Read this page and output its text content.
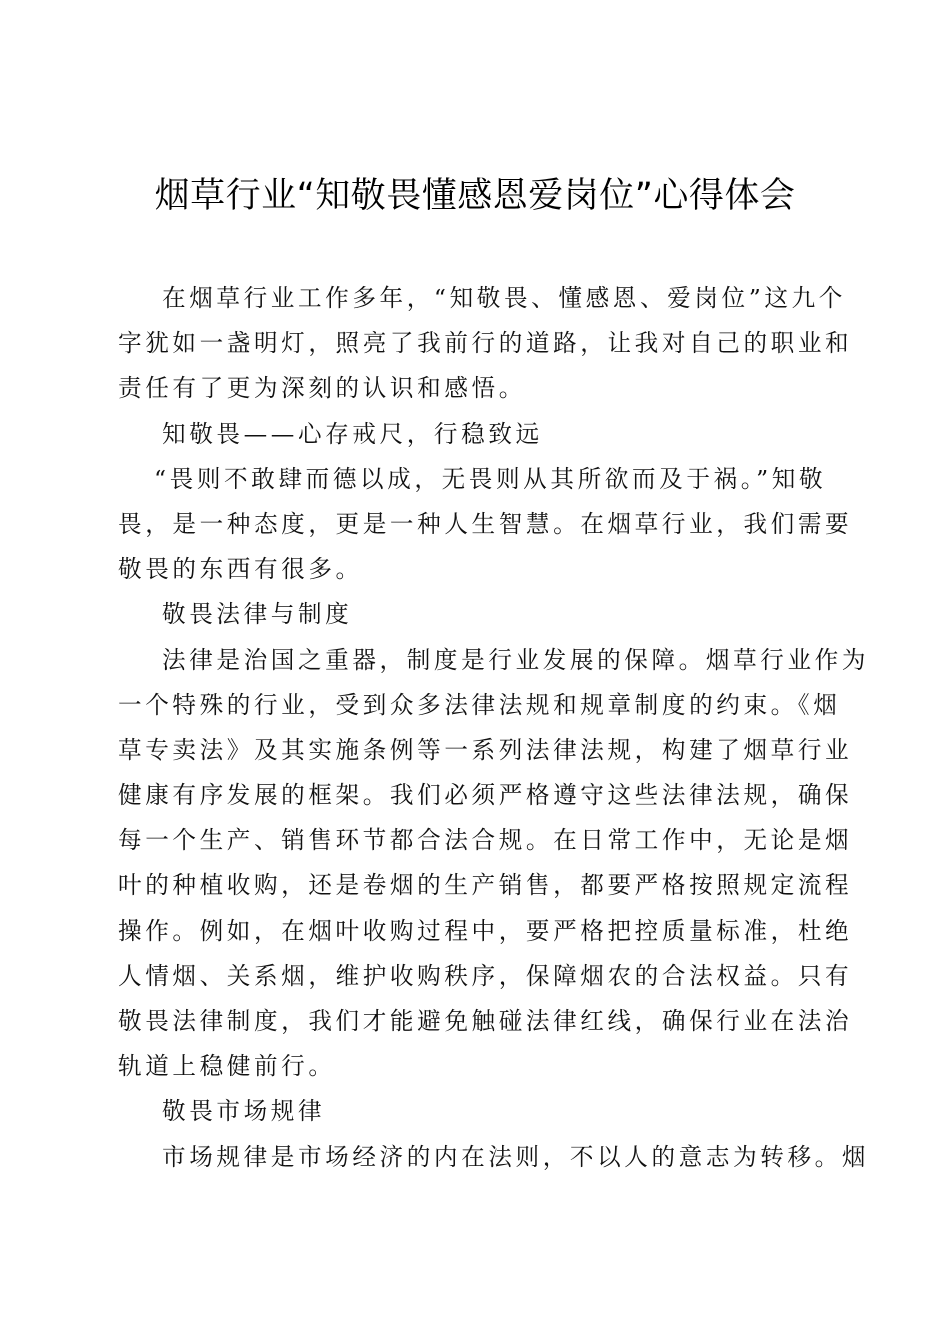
烟草行业“知敬畏懂感恩爱岗位”心得体会
在烟草行业工作多年，“知敬畏、懂感恩、爱岗位”这九个
字犹如一盏明灯，照亮了我前行的道路，让我对自己的职业和
责任有了更为深刻的认识和感悟。
知敬畏——心存戒尺，行稳致远
“畏则不敢肆而德以成，无畏则从其所欲而及于祸。”知敬
畏，是一种态度，更是一种人生智慧。在烟草行业，我们需要
敬畏的东西有很多。
敬畏法律与制度
法律是治国之重器，制度是行业发展的保障。烟草行业作为
一个特殊的行业，受到众多法律法规和规章制度的约束。《烟
草专卖法》及其实施条例等一系列法律法规，构建了烟草行业
健康有序发展的框架。我们必须严格遵守这些法律法规，确保
每一个生产、销售环节都合法合规。在日常工作中，无论是烟
叶的种植收购，还是卷烟的生产销售，都要严格按照规定流程
操作。例如，在烟叶收购过程中，要严格把控质量标准，杜绝
人情烟、关系烟，维护收购秩序，保障烟农的合法权益。只有
敬畏法律制度，我们才能避免触碰法律红线，确保行业在法治
轨道上稳健前行。
敬畏市场规律
市场规律是市场经济的内在法则，不以人的意志为转移。烟
